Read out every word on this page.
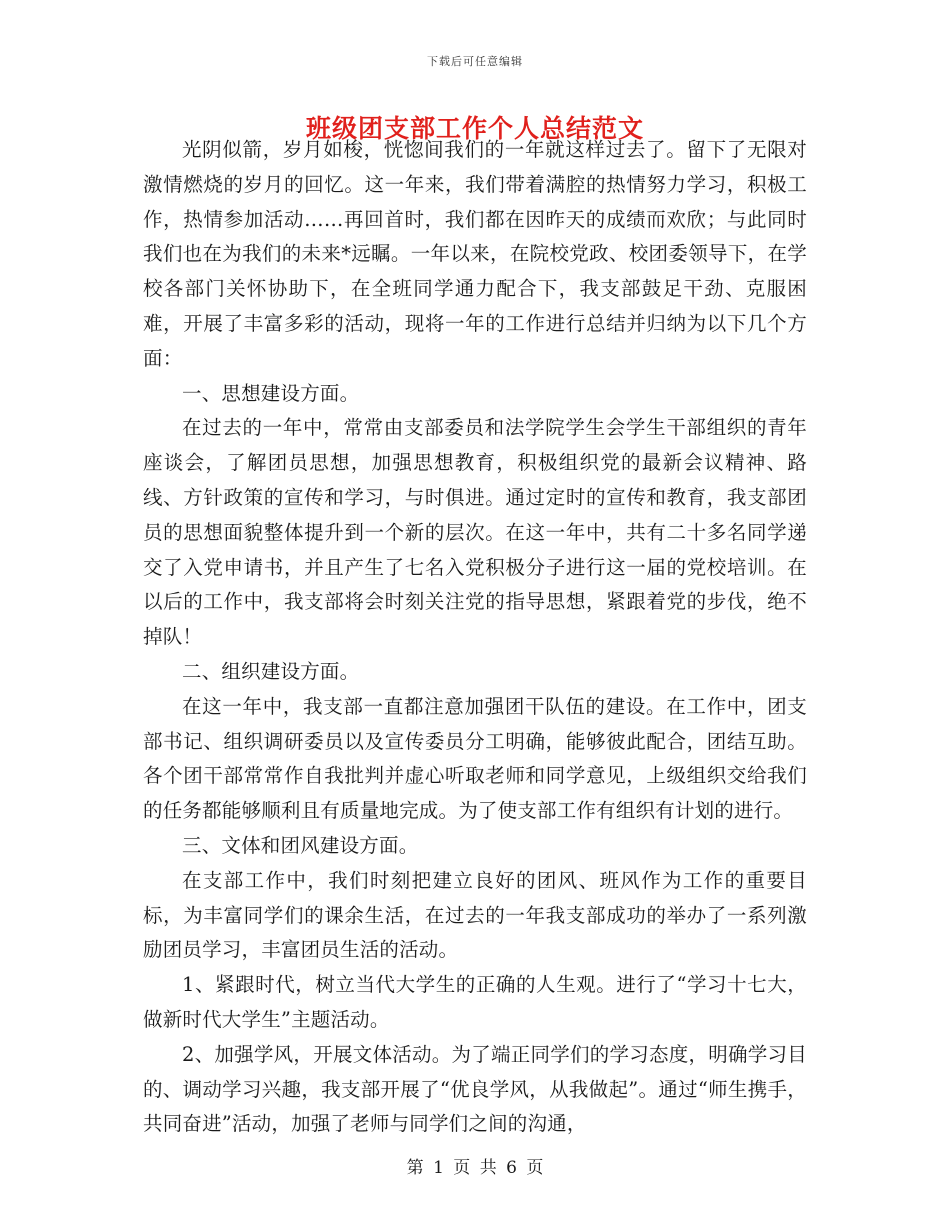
下载后可任意编辑
班级团支部工作个人总结范文

光阴似箭，岁月如梭，恍惚间我们的一年就这样过去了。留下了无限对激情燃烧的岁月的回忆。这一年来，我们带着满腔的热情努力学习，积极工作，热情参加活动……再回首时，我们都在因昨天的成绩而欢欣；与此同时我们也在为我们的未来*远瞩。一年以来，在院校党政、校团委领导下，在学校各部门关怀协助下，在全班同学通力配合下，我支部鼓足干劲、克服困难，开展了丰富多彩的活动，现将一年的工作进行总结并归纳为以下几个方面：

一、思想建设方面。

在过去的一年中，常常由支部委员和法学院学生会学生干部组织的青年座谈会，了解团员思想，加强思想教育，积极组织党的最新会议精神、路线、方针政策的宣传和学习，与时俱进。通过定时的宣传和教育，我支部团员的思想面貌整体提升到一个新的层次。在这一年中，共有二十多名同学递交了入党申请书，并且产生了七名入党积极分子进行这一届的党校培训。在以后的工作中，我支部将会时刻关注党的指导思想，紧跟着党的步伐，绝不掉队！

二、组织建设方面。

在这一年中，我支部一直都注意加强团干队伍的建设。在工作中，团支部书记、组织调研委员以及宣传委员分工明确，能够彼此配合，团结互助。各个团干部常常作自我批判并虚心听取老师和同学意见，上级组织交给我们的任务都能够顺利且有质量地完成。为了使支部工作有组织有计划的进行。

三、文体和团风建设方面。

在支部工作中，我们时刻把建立良好的团风、班风作为工作的重要目标，为丰富同学们的课余生活，在过去的一年我支部成功的举办了一系列激励团员学习，丰富团员生活的活动。

1、紧跟时代，树立当代大学生的正确的人生观。进行了“学习十七大，做新时代大学生”主题活动。

2、加强学风，开展文体活动。为了端正同学们的学习态度，明确学习目的、调动学习兴趣，我支部开展了“优良学风，从我做起”。通过“师生携手，共同奋进”活动，加强了老师与同学们之间的沟通，

第 1 页 共 6 页
